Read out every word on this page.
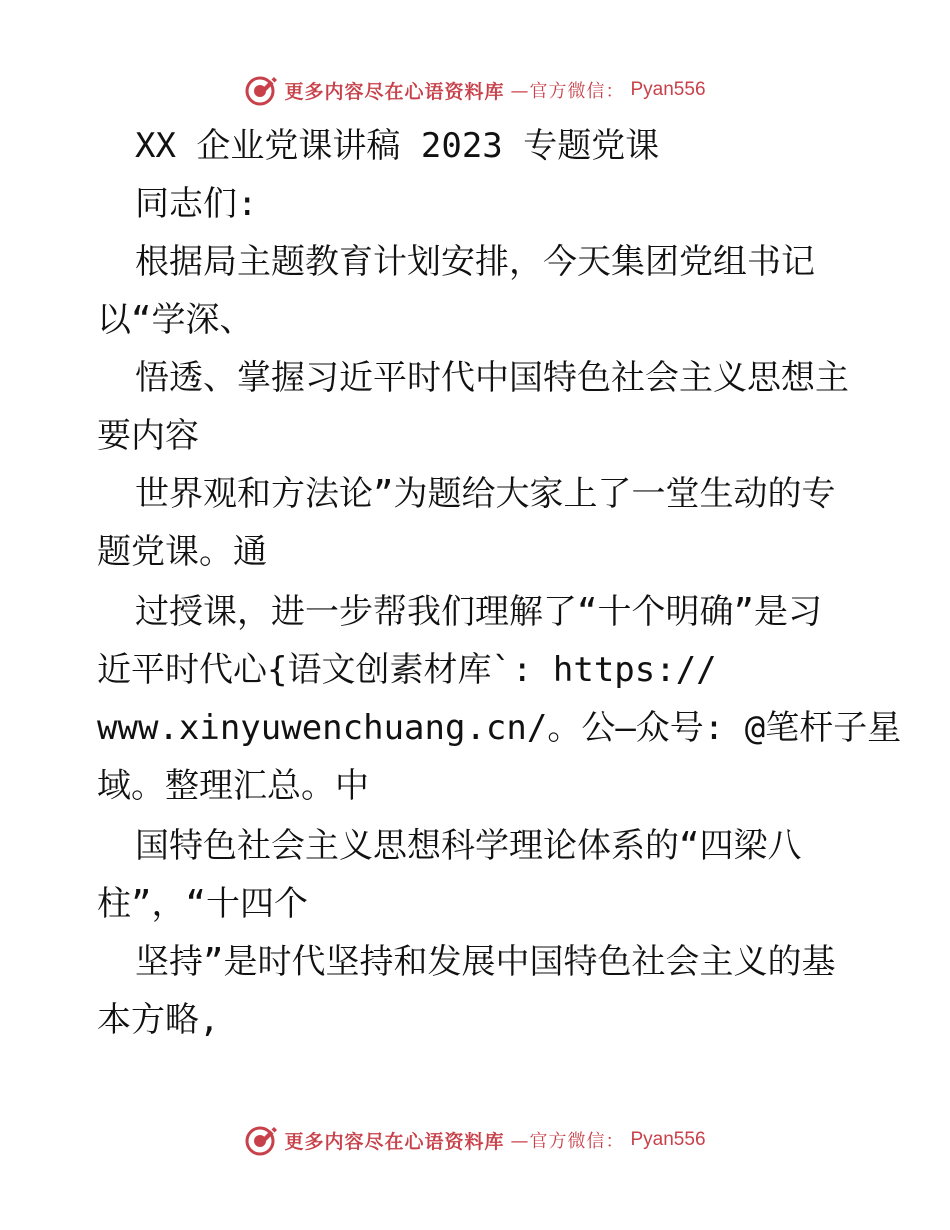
更多内容尽在心语资料库 —官方微信： Pyan556
XX 企业党课讲稿 2023 专题党课
同志们:
根据局主题教育计划安排，今天集团党组书记
以“学深、
悟透、掌握习近平时代中国特色社会主义思想主
要内容
世界观和方法论”为题给大家上了一堂生动的专
题党课。通
过授课，进一步帮我们理解了“十个明确”是习
近平时代心{语文创素材库`: https://
www.xinyuwenchuang.cn/。公—众号: @笔杆子星
域。整理汇总。中
国特色社会主义思想科学理论体系的“四梁八
柱”，“十四个
坚持”是时代坚持和发展中国特色社会主义的基
本方略,
更多内容尽在心语资料库 —官方微信： Pyan556
